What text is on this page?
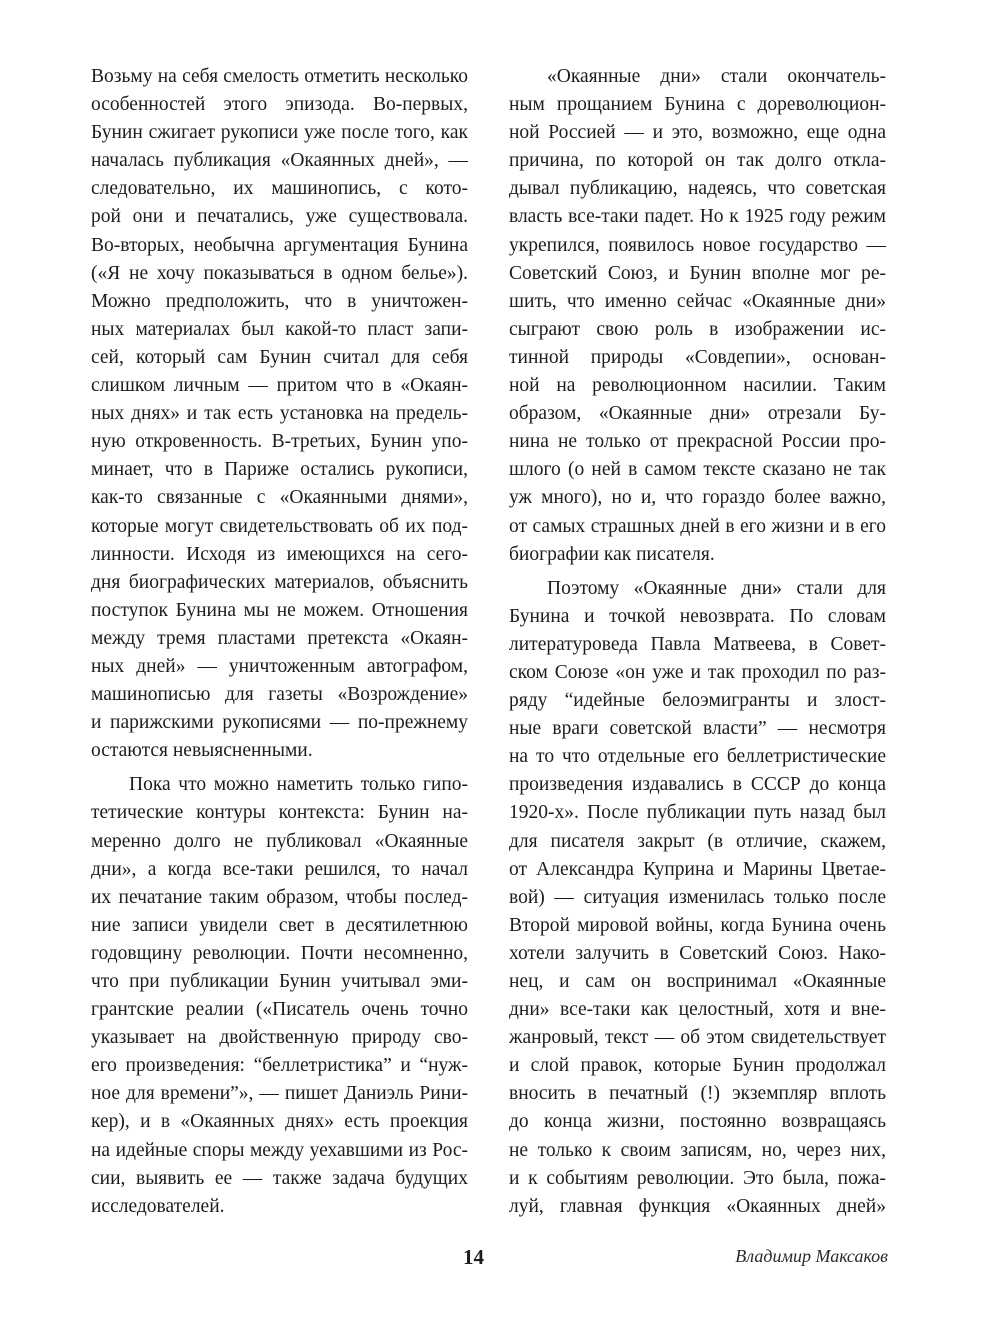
Возьму на себя смелость отметить несколько
особенностей этого эпизода. Во-первых,
Бунин сжигает рукописи уже после того, как
началась публикация «Окаянных дней», —
следовательно, их машинопись, с кото-
рой они и печатались, уже существовала.
Во-вторых, необычна аргументация Бунина
(«Я не хочу показываться в одном белье»).
Можно предположить, что в уничтожен-
ных материалах был какой-то пласт запи-
сей, который сам Бунин считал для себя
слишком личным — притом что в «Окаян-
ных днях» и так есть установка на предель-
ную откровенность. В-третьих, Бунин упо-
минает, что в Париже остались рукописи,
как-то связанные с «Окаянными днями»,
которые могут свидетельствовать об их под-
линности. Исходя из имеющихся на сего-
дня биографических материалов, объяснить
поступок Бунина мы не можем. Отношения
между тремя пластами претекста «Окаян-
ных дней» — уничтоженным автографом,
машинописью для газеты «Возрождение»
и парижскими рукописями — по-прежнему
остаются невыясненными.
Пока что можно наметить только гипо-
тетические контуры контекста: Бунин на-
меренно долго не публиковал «Окаянные
дни», а когда все-таки решился, то начал
их печатание таким образом, чтобы послед-
ние записи увидели свет в десятилетнюю
годовщину революции. Почти несомненно,
что при публикации Бунин учитывал эми-
грантские реалии («Писатель очень точно
указывает на двойственную природу сво-
его произведения: “беллетристика” и “нуж-
ное для времени”», — пишет Даниэль Рини-
кер), и в «Окаянных днях» есть проекция
на идейные споры между уехавшими из Рос-
сии, выявить ее — также задача будущих
исследователей.
«Окаянные дни» стали окончатель-
ным прощанием Бунина с дореволюцион-
ной Россией — и это, возможно, еще одна
причина, по которой он так долго откла-
дывал публикацию, надеясь, что советская
власть все-таки падет. Но к 1925 году режим
укрепился, появилось новое государство —
Советский Союз, и Бунин вполне мог ре-
шить, что именно сейчас «Окаянные дни»
сыграют свою роль в изображении ис-
тинной природы «Совдепии», основан-
ной на революционном насилии. Таким
образом, «Окаянные дни» отрезали Бу-
нина не только от прекрасной России про-
шлого (о ней в самом тексте сказано не так
уж много), но и, что гораздо более важно,
от самых страшных дней в его жизни и в его
биографии как писателя.
Поэтому «Окаянные дни» стали для
Бунина и точкой невозврата. По словам
литературоведа Павла Матвеева, в Совет-
ском Союзе «он уже и так проходил по раз-
ряду “идейные белоэмигранты и злост-
ные враги советской власти” — несмотря
на то что отдельные его беллетристические
произведения издавались в СССР до конца
1920-х». После публикации путь назад был
для писателя закрыт (в отличие, скажем,
от Александра Куприна и Марины Цветае-
вой) — ситуация изменилась только после
Второй мировой войны, когда Бунина очень
хотели залучить в Советский Союз. Нако-
нец, и сам он воспринимал «Окаянные
дни» все-таки как целостный, хотя и вне-
жанровый, текст — об этом свидетельствует
и слой правок, которые Бунин продолжал
вносить в печатный (!) экземпляр вплоть
до конца жизни, постоянно возвращаясь
не только к своим записям, но, через них,
и к событиям революции. Это была, пожа-
луй, главная функция «Окаянных дней»
14	Владимир Максаков
